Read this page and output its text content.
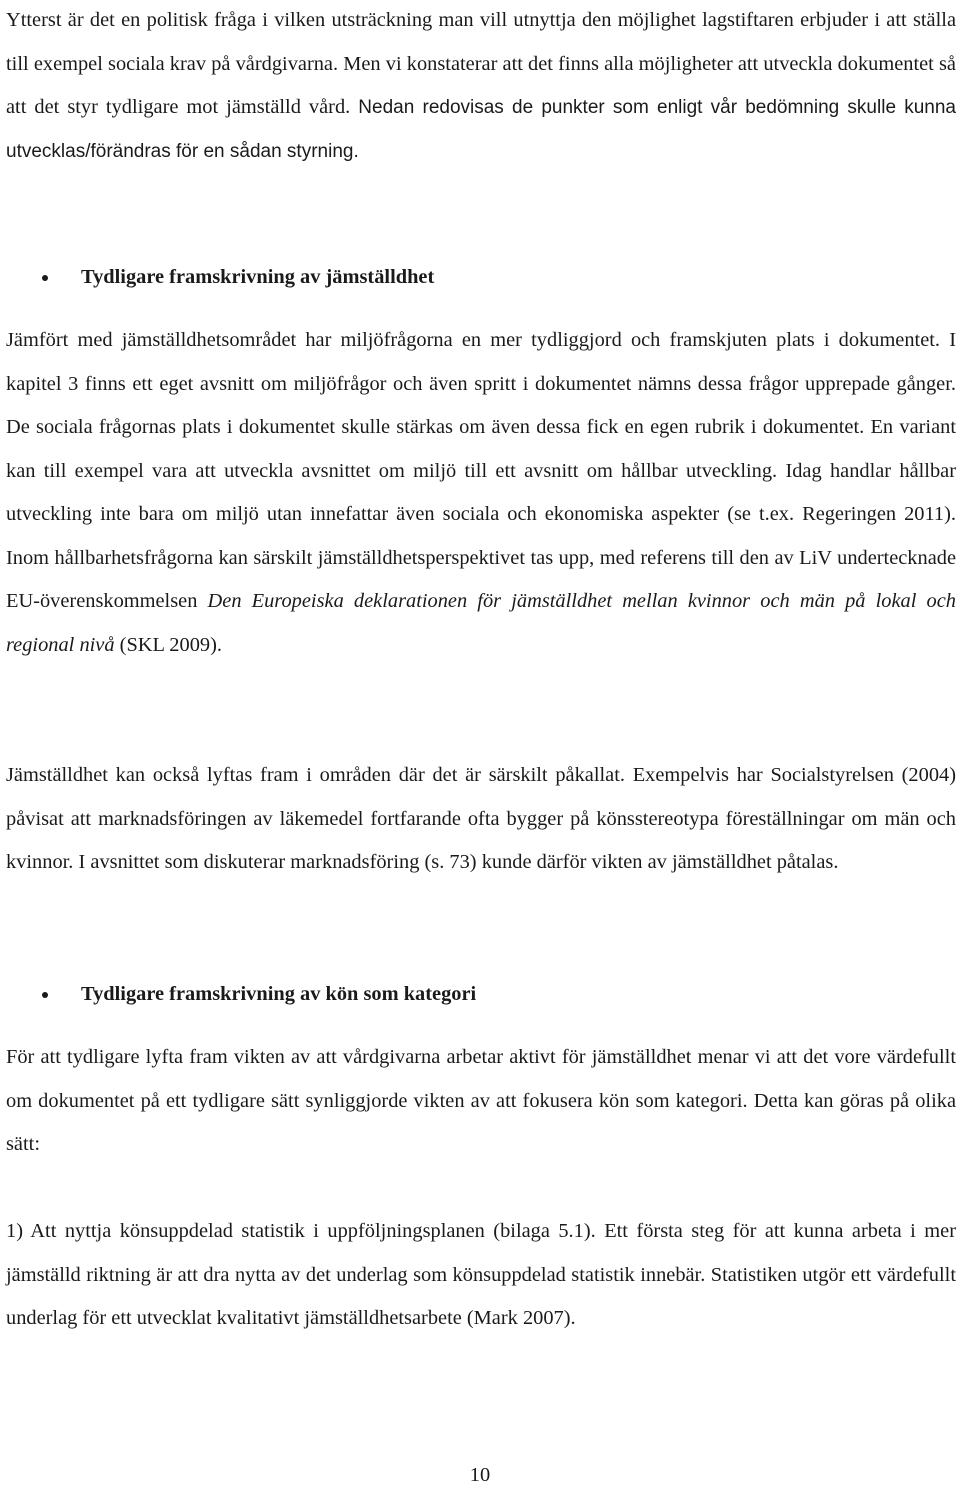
Ytterst är det en politisk fråga i vilken utsträckning man vill utnyttja den möjlighet lagstiftaren erbjuder i att ställa till exempel sociala krav på vårdgivarna. Men vi konstaterar att det finns alla möjligheter att utveckla dokumentet så att det styr tydligare mot jämställd vård. Nedan redovisas de punkter som enligt vår bedömning skulle kunna utvecklas/förändras för en sådan styrning.

Tydligare framskrivning av jämställdhet

Jämfört med jämställdhetsområdet har miljöfrågorna en mer tydliggjord och framskjuten plats i dokumentet. I kapitel 3 finns ett eget avsnitt om miljöfrågor och även spritt i dokumentet nämns dessa frågor upprepade gånger. De sociala frågornas plats i dokumentet skulle stärkas om även dessa fick en egen rubrik i dokumentet. En variant kan till exempel vara att utveckla avsnittet om miljö till ett avsnitt om hållbar utveckling. Idag handlar hållbar utveckling inte bara om miljö utan innefattar även sociala och ekonomiska aspekter (se t.ex. Regeringen 2011). Inom hållbarhetsfrågorna kan särskilt jämställdhetsperspektivet tas upp, med referens till den av LiV undertecknade EU-överenskommelsen Den Europeiska deklarationen för jämställdhet mellan kvinnor och män på lokal och regional nivå (SKL 2009).

Jämställdhet kan också lyftas fram i områden där det är särskilt påkallat. Exempelvis har Socialstyrelsen (2004) påvisat att marknadsföringen av läkemedel fortfarande ofta bygger på könsstereotypa föreställningar om män och kvinnor. I avsnittet som diskuterar marknadsföring (s. 73) kunde därför vikten av jämställdhet påtalas.

Tydligare framskrivning av kön som kategori

För att tydligare lyfta fram vikten av att vårdgivarna arbetar aktivt för jämställdhet menar vi att det vore värdefullt om dokumentet på ett tydligare sätt synliggjorde vikten av att fokusera kön som kategori. Detta kan göras på olika sätt:

1) Att nyttja könsuppdelad statistik i uppföljningsplanen (bilaga 5.1). Ett första steg för att kunna arbeta i mer jämställd riktning är att dra nytta av det underlag som könsuppdelad statistik innebär. Statistiken utgör ett värdefullt underlag för ett utvecklat kvalitativt jämställdhetsarbete (Mark 2007).

10
